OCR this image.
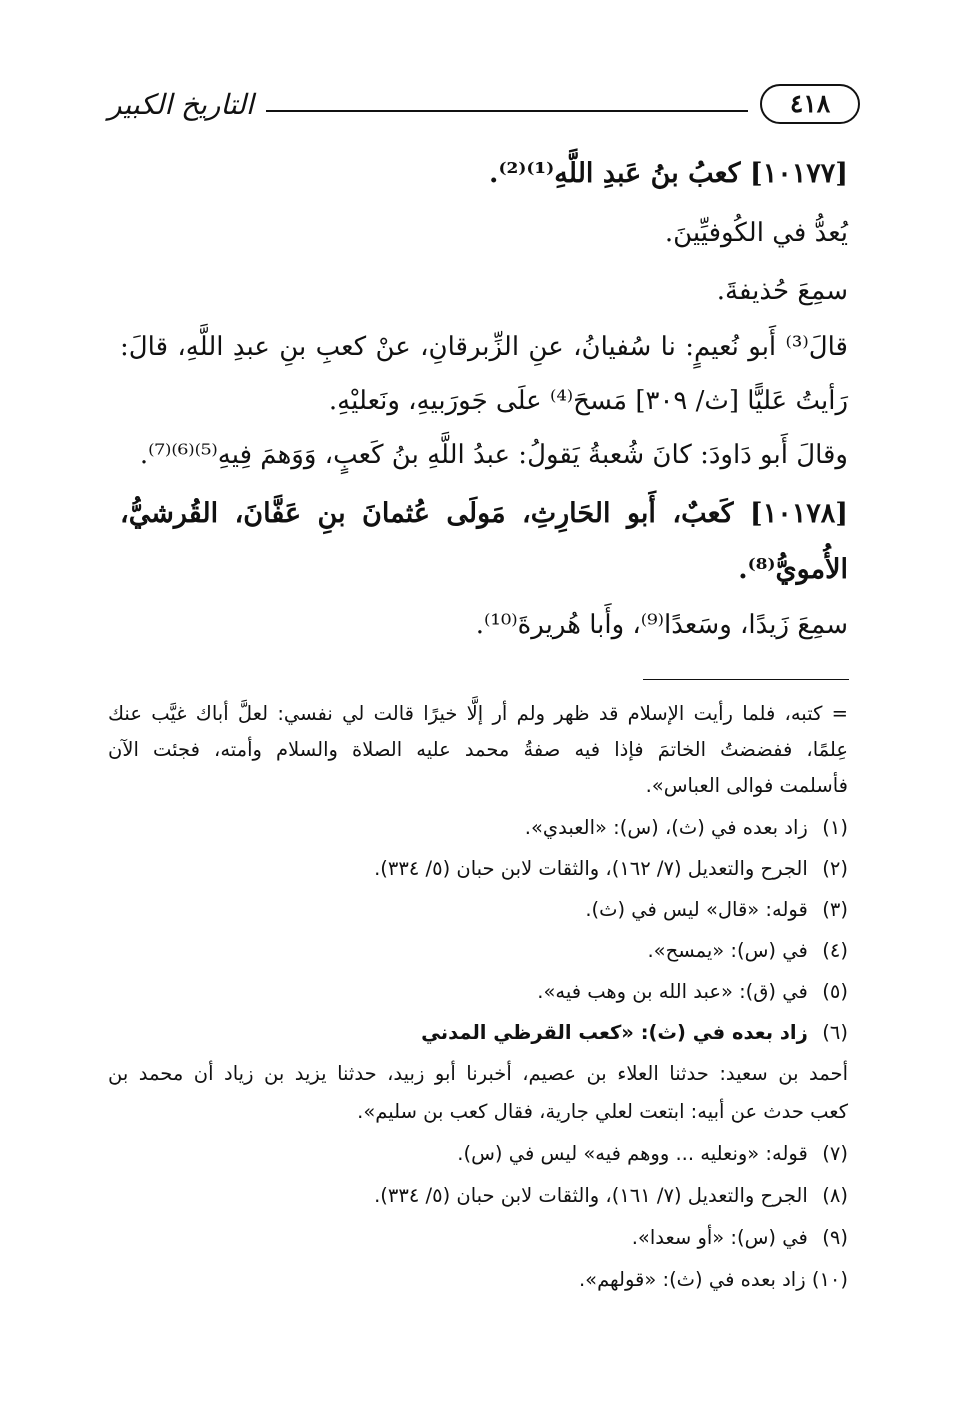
التاريخ الكبير	٤١٨
[١٠١٧٧] كعبُ بنُ عَبدِ اللَّهِ⁽¹⁾⁽²⁾.
يُعدُّ في الكُوفيِّينَ.
سمِعَ حُذيفةَ.
قالَ⁽³⁾ أَبو نُعيمٍ: نا سُفيانُ، عنِ الزِّبرقانِ، عنْ كعبِ بنِ عبدِ اللَّهِ، قالَ:
رَأيتُ عَليًّا [ث/ ٣٠٩] مَسحَ⁽⁴⁾ علَى جَورَبيهِ، ونَعليْهِ.
وقالَ أَبو دَاودَ: كانَ شُعبةُ يَقولُ: عبدُ اللَّهِ بنُ كَعبٍ، وَوَهمَ فِيهِ⁽⁵⁾⁽⁶⁾⁽⁷⁾.
[١٠١٧٨] كَعبٌ، أَبو الحَارِثِ، مَولَى عُثمانَ بنِ عَفَّانَ، القُرشيُّ،
الأُمويُّ⁽⁸⁾.
سمِعَ زَيدًا، وسَعدًا⁽⁹⁾، وأَبا هُريرةَ⁽¹⁰⁾.
= كتبه، فلما رأيت الإسلام قد ظهر ولم أر إلَّا خيرًا قالت لي نفسي: لعلَّ أباك غيَّب عنك
عِلمًا، ففضضتُ الخاتمَ فإذا فيه صفةُ محمد عليه الصلاة والسلام وأمته، فجئت الآن
فأسلمت فوالى العباس».
(١) زاد بعده في (ث)، (س): «العبدي».
(٢) الجرح والتعديل (٧/ ١٦٢)، والثقات لابن حبان (٥/ ٣٣٤).
(٣) قوله: «قال» ليس في (ث).
(٤) في (س): «يمسح».
(٥) في (ق): «عبد الله بن وهب فيه».
(٦) زاد بعده في (ث): «كعب القرظي المدني
أحمد بن سعيد: حدثنا العلاء بن عصيم، أخبرنا أبو زبيد، حدثنا يزيد بن زياد أن محمد بن
كعب حدث عن أبيه: ابتعت لعلي جارية، فقال كعب بن سليم».
(٧) قوله: «ونعليه ... ووهم فيه» ليس في (س).
(٨) الجرح والتعديل (٧/ ١٦١)، والثقات لابن حبان (٥/ ٣٣٤).
(٩) في (س): «أو سعدا».
(١٠) زاد بعده في (ث): «قولهم».
